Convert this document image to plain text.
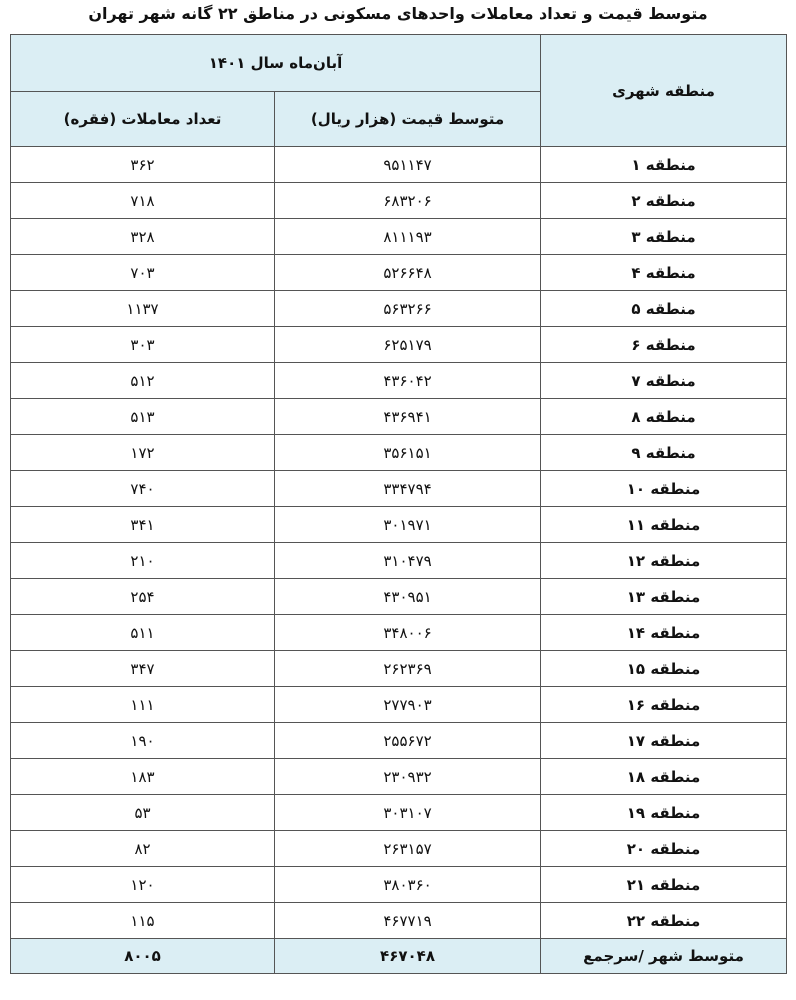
متوسط قیمت و تعداد معاملات واحدهای مسکونی در مناطق ۲۲ گانه شهر تهران
منطقه شهری	آبان‌ماه سال ۱۴۰۱	
	متوسط قیمت (هزار ریال)	تعداد معاملات (فقره)
منطقه ۱	۹۵۱۱۴۷	۳۶۲
منطقه ۲	۶۸۳۲۰۶	۷۱۸
منطقه ۳	۸۱۱۱۹۳	۳۲۸
منطقه ۴	۵۲۶۶۴۸	۷۰۳
منطقه ۵	۵۶۳۲۶۶	۱۱۳۷
منطقه ۶	۶۲۵۱۷۹	۳۰۳
منطقه ۷	۴۳۶۰۴۲	۵۱۲
منطقه ۸	۴۳۶۹۴۱	۵۱۳
منطقه ۹	۳۵۶۱۵۱	۱۷۲
منطقه ۱۰	۳۳۴۷۹۴	۷۴۰
منطقه ۱۱	۳۰۱۹۷۱	۳۴۱
منطقه ۱۲	۳۱۰۴۷۹	۲۱۰
منطقه ۱۳	۴۳۰۹۵۱	۲۵۴
منطقه ۱۴	۳۴۸۰۰۶	۵۱۱
منطقه ۱۵	۲۶۲۳۶۹	۳۴۷
منطقه ۱۶	۲۷۷۹۰۳	۱۱۱
منطقه ۱۷	۲۵۵۶۷۲	۱۹۰
منطقه ۱۸	۲۳۰۹۳۲	۱۸۳
منطقه ۱۹	۳۰۳۱۰۷	۵۳
منطقه ۲۰	۲۶۳۱۵۷	۸۲
منطقه ۲۱	۳۸۰۳۶۰	۱۲۰
منطقه ۲۲	۴۶۷۷۱۹	۱۱۵
متوسط شهر /سرجمع	۴۶۷۰۴۸	۸۰۰۵
